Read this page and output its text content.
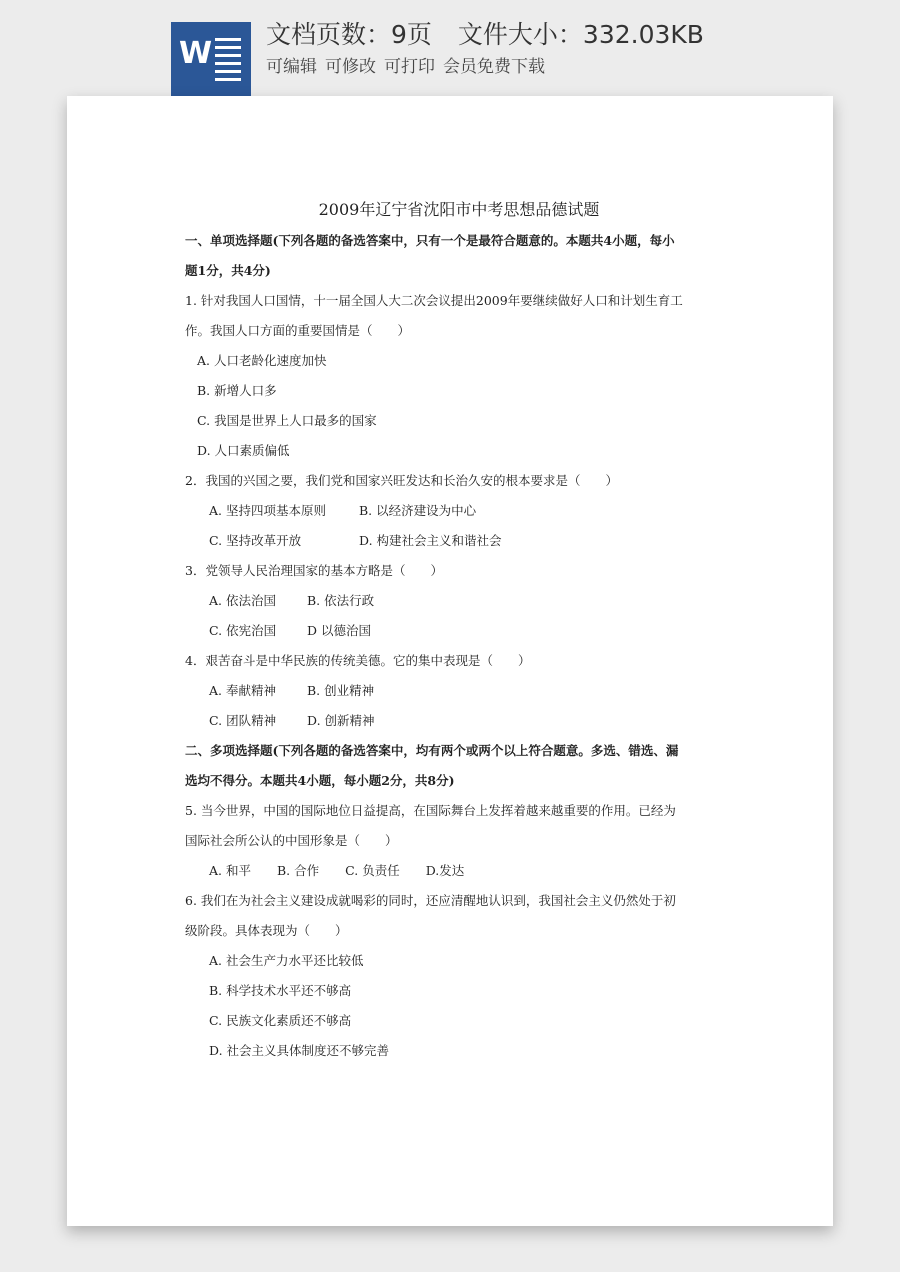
W
文档页数：9页 文件大小：332.03KB
可编辑 可修改 可打印 会员免费下载
2009年辽宁省沈阳市中考思想品德试题
一、单项选择题(下列各题的备选答案中，只有一个是最符合题意的。本题共4小题，每小
题1分，共4分)
1. 针对我国人口国情，十一届全国人大二次会议提出2009年要继续做好人口和计划生育工
作。我国人口方面的重要国情是（　　）
A. 人口老龄化速度加快
B. 新增人口多
C. 我国是世界上人口最多的国家
D. 人口素质偏低
2．我国的兴国之要，我们党和国家兴旺发达和长治久安的根本要求是（　　）
A. 坚持四项基本原则	B. 以经济建设为中心
C. 坚持改革开放	D. 构建社会主义和谐社会
3．党领导人民治理国家的基本方略是（　　）
A. 依法治国 B. 依法行政
C. 依宪治国 D 以德治国
4．艰苦奋斗是中华民族的传统美德。它的集中表现是（　　）
A. 奉献精神 B. 创业精神
C. 团队精神 D. 创新精神
二、多项选择题(下列各题的备选答案中，均有两个或两个以上符合题意。多选、错选、漏
选均不得分。本题共4小题，每小题2分，共8分)
5. 当今世界，中国的国际地位日益提高，在国际舞台上发挥着越来越重要的作用。已经为
国际社会所公认的中国形象是（　　）
A. 和平 B. 合作 C. 负责任 D.发达
6. 我们在为社会主义建设成就喝彩的同时，还应清醒地认识到，我国社会主义仍然处于初
级阶段。具体表现为（　　）
A. 社会生产力水平还比较低
B. 科学技术水平还不够高
C. 民族文化素质还不够高
D. 社会主义具体制度还不够完善
